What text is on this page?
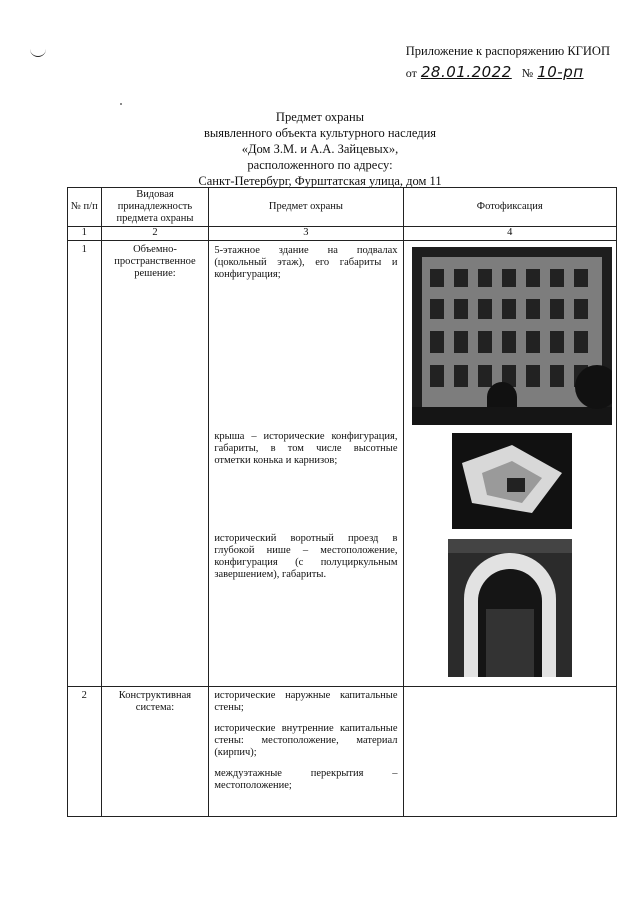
Приложение к распоряжению КГИОП
от 28.01.2022 № 10-рп
Предмет охраны
выявленного объекта культурного наследия
«Дом З.М. и А.А. Зайцевых»,
расположенного по адресу:
Санкт-Петербург, Фурштатская улица, дом 11
№ п/п	Видовая принадлежность предмета охраны	Предмет охраны	Фотофиксация
1	2	3	4

1	Объемно-пространственное решение:	5-этажное здание на подвалах (цокольный этаж), его габариты и конфигурация;
крыша – исторические конфигурация, габариты, в том числе высотные отметки конька и карнизов;
исторический воротный проезд в глубокой нише – местоположение, конфигурация (с полуциркульным завершением), габариты.

2	Конструктивная система:	исторические наружные капитальные стены;
исторические внутренние капитальные стены: местоположение, материал (кирпич);
междуэтажные перекрытия – местоположение;	
